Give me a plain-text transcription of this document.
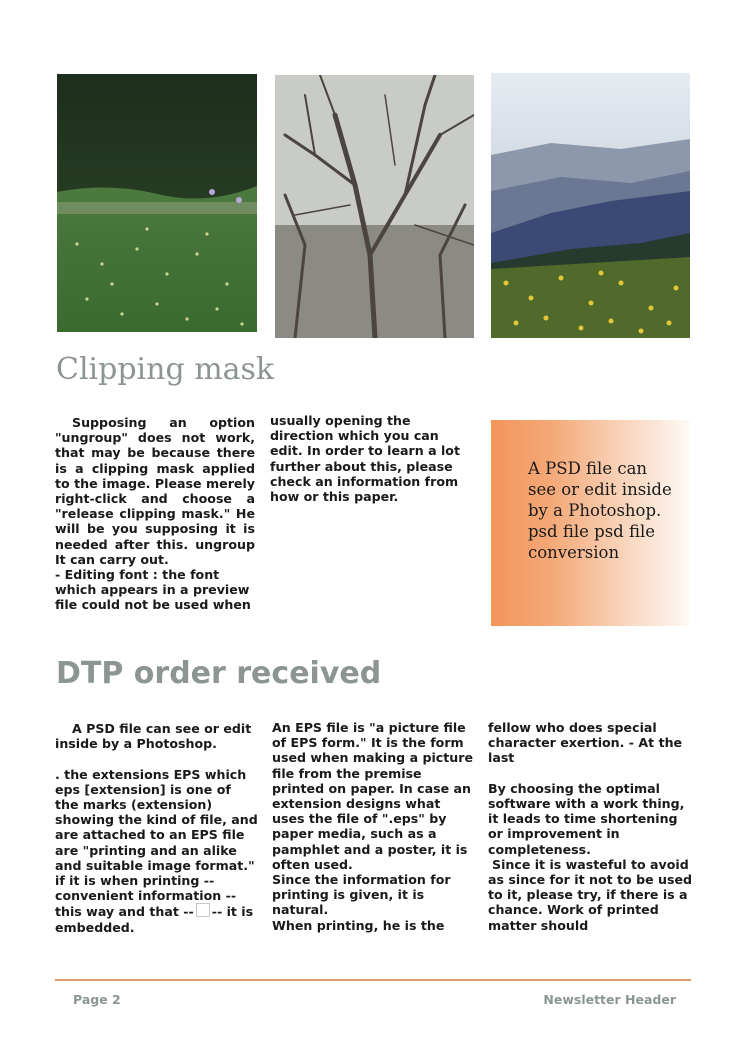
Clipping mask

Supposing an option "ungroup" does not work, that may be because there is a clipping mask applied to the image. Please merely right-click and choose a "release clipping mask." He will be you supposing it is needed after this. ungroup It can carry out.

- Editing font : the font which appears in a preview file could not be used when

usually opening the direction which you can edit. In order to learn a lot further about this, please check an information from how or this paper.

A PSD file can see or edit inside by a Photoshop. psd file psd file conversion
DTP order received

A PSD file can see or edit inside by a Photoshop.

. the extensions EPS which eps [extension] is one of the marks (extension) showing the kind of file, and are attached to an EPS file are "printing and an alike and suitable image format." if it is when printing -- convenient information -- this way and that -- -- it is embedded.

An EPS file is "a picture file of EPS form." It is the form used when making a picture file from the premise printed on paper. In case an extension designs what uses the file of ".eps" by paper media, such as a pamphlet and a poster, it is often used.

Since the information for printing is given, it is natural.

When printing, he is the

fellow who does special character exertion. - At the last

By choosing the optimal software with a work thing, it leads to time shortening or improvement in completeness.

Since it is wasteful to avoid as since for it not to be used to it, please try, if there is a chance. Work of printed matter should

Page 2	Newsletter Header
